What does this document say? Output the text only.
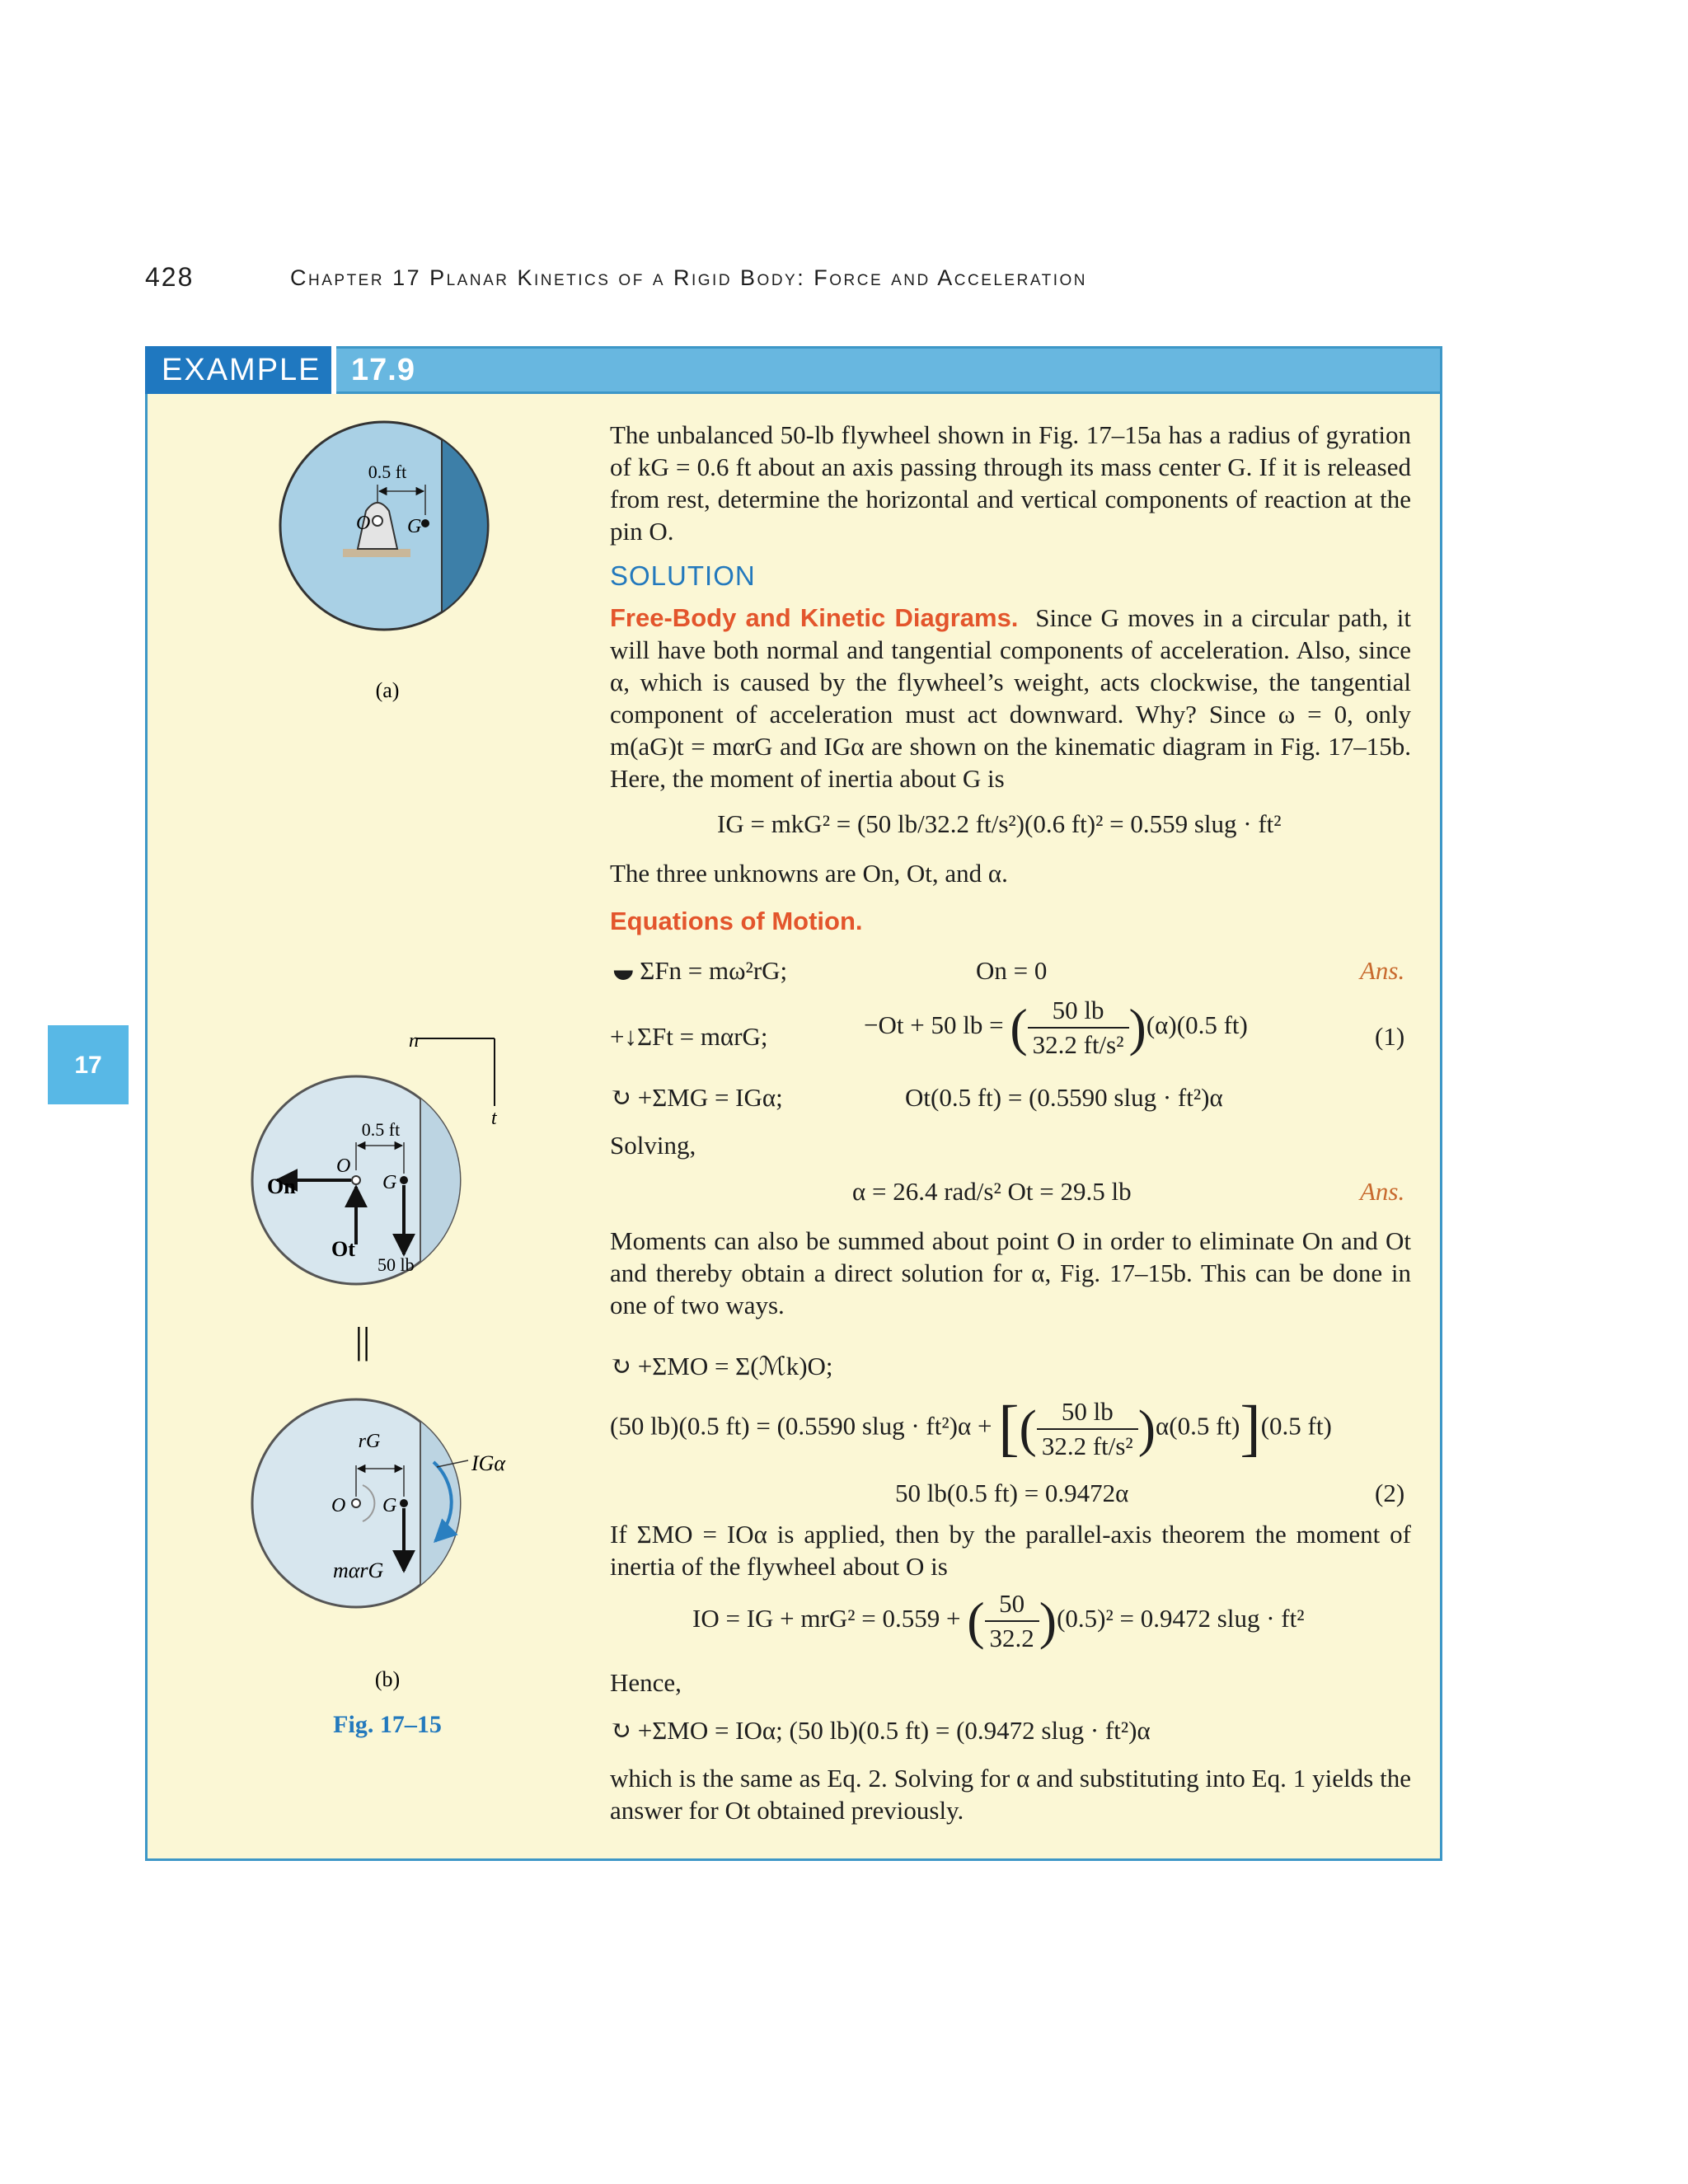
428	Chapter 17 Planar Kinetics of a Rigid Body: Force and Acceleration
EXAMPLE 17.9
17
0.5 ft
O G
(a)
n
t
0.5 ft
O
G
On
Ot
50 lb
||
rG
O G
IGα
mαrG
(b)
Fig. 17–15
The unbalanced 50-lb flywheel shown in Fig. 17–15a has a radius of gyration of kG = 0.6 ft about an axis passing through its mass center G. If it is released from rest, determine the horizontal and vertical components of reaction at the pin O.
SOLUTION
Free-Body and Kinetic Diagrams. Since G moves in a circular path, it will have both normal and tangential components of acceleration. Also, since α, which is caused by the flywheel’s weight, acts clockwise, the tangential component of acceleration must act downward. Why? Since ω = 0, only m(aG)t = mαrG and IGα are shown on the kinematic diagram in Fig. 17–15b. Here, the moment of inertia about G is
IG = mkG² = (50 lb/32.2 ft/s²)(0.6 ft)² = 0.559 slug · ft²
The three unknowns are On, Ot, and α.
Equations of Motion.
⯋ ΣFn = mω²rG;	On = 0	Ans.
+↓ΣFt = mαrG;	−Ot + 50 lb = ( $\frac{50 lb}{\text{32.2 ft/s²}} )(\alpha)(0.5$ ft)	(1)
↻ +ΣMG = IGα;	Ot(0.5 ft) = (0.5590 slug · ft²)α
Solving,
α = 26.4 rad/s² Ot = 29.5 lb	Ans.
Moments can also be summed about point O in order to eliminate On and Ot and thereby obtain a direct solution for α, Fig. 17–15b. This can be done in one of two ways.
↻ +ΣMO = Σ(ℳk)O;
(50 lb)(0.5 ft) = (0.5590 slug · ft²)α + [( $\frac{50 lb}{\text{32.2 ft/s²}} )\alpha(0.5$ ft)](0.5 ft)
50 lb(0.5 ft) = 0.9472α	(2)
If ΣMO = IOα is applied, then by the parallel-axis theorem the moment of inertia of the flywheel about O is
IO = IG + mrG² = 0.559 + ( $\frac{50}{32.2} )(0.5)^2 = 0.9472$ slug · ft²
Hence,
↻ +ΣMO = IOα; (50 lb)(0.5 ft) = (0.9472 slug · ft²)α
which is the same as Eq. 2. Solving for α and substituting into Eq. 1 yields the answer for Ot obtained previously.
